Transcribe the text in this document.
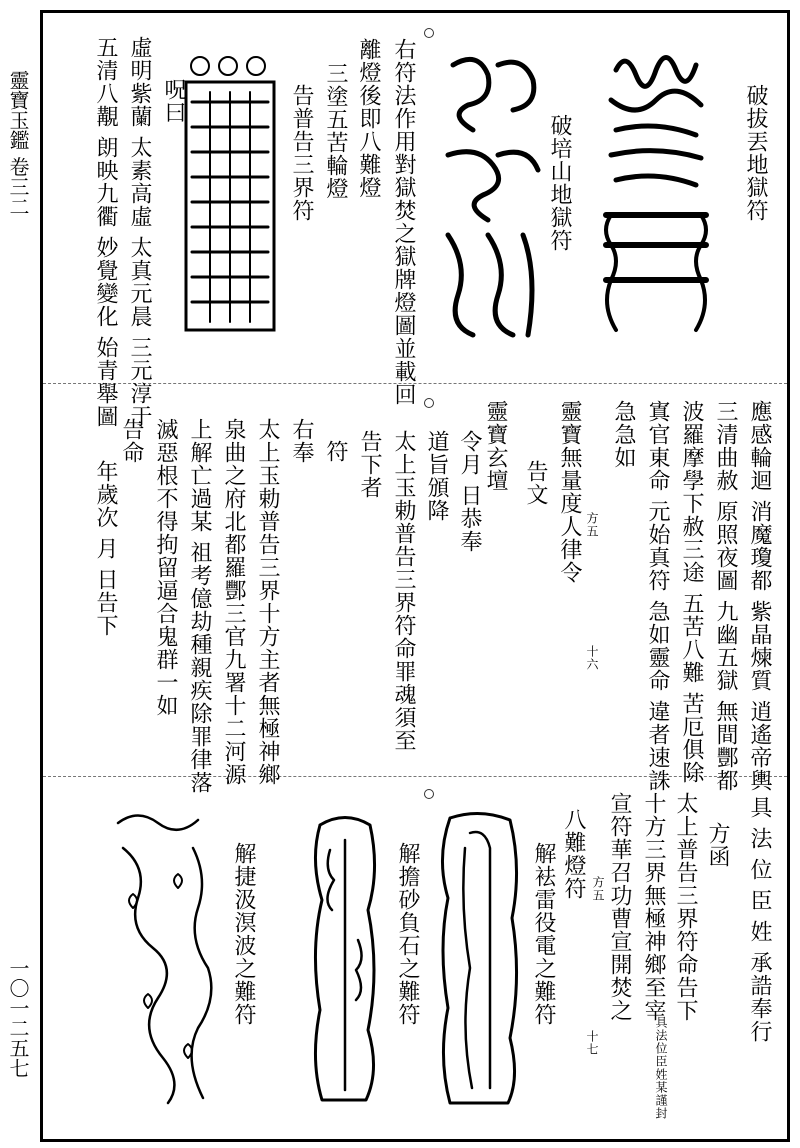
靈寶玉鑑 卷三二
一〇一二五七
破拔丟地獄符
破培山地獄符
右符法作用對獄焚之獄牌燈圖並載回
離燈後即八難燈
三塗五苦輪燈
告普告三界符
呪曰
虛明紫蘭 太素高虛 太真元晨 三元淳于
五清八覯 朗映九衢 妙覺變化 始青舉圖
應感輪迴 消魔瓊都 紫晶煉質 逍遙帝輿
三清曲赦 原照夜圖 九幽五獄 無間酆都
波羅摩學下赦三途 五苦八難 苦厄俱除
寘官東命 元始真符 急如靈命 違者速誅
急急如
靈寶無量度人律令
十六
方五
告文
靈寶玄壇
令月 日恭奉
道旨頒降
太上玉勅普告三界符命罪魂須至
告下者
符
右奉
太上玉勅普告三界十方主者無極神鄉
泉曲之府北都羅酆三官九署十二河源
上解亡過某 祖考億劫種親疾除罪律落
滅惡根不得拘留逼合鬼群一如
告命
年歲次 月 日告下
具 法 位 臣 姓 承誥奉行
方函
太上普告三界符命告下
十方三界無極神鄉至宰
具法位臣姓某謹封
宣符華召功曹宣開焚之
方五
十七
八難燈符
解袪雷役電之難符
解擔砂負石之難符
解捷汲溟波之難符
